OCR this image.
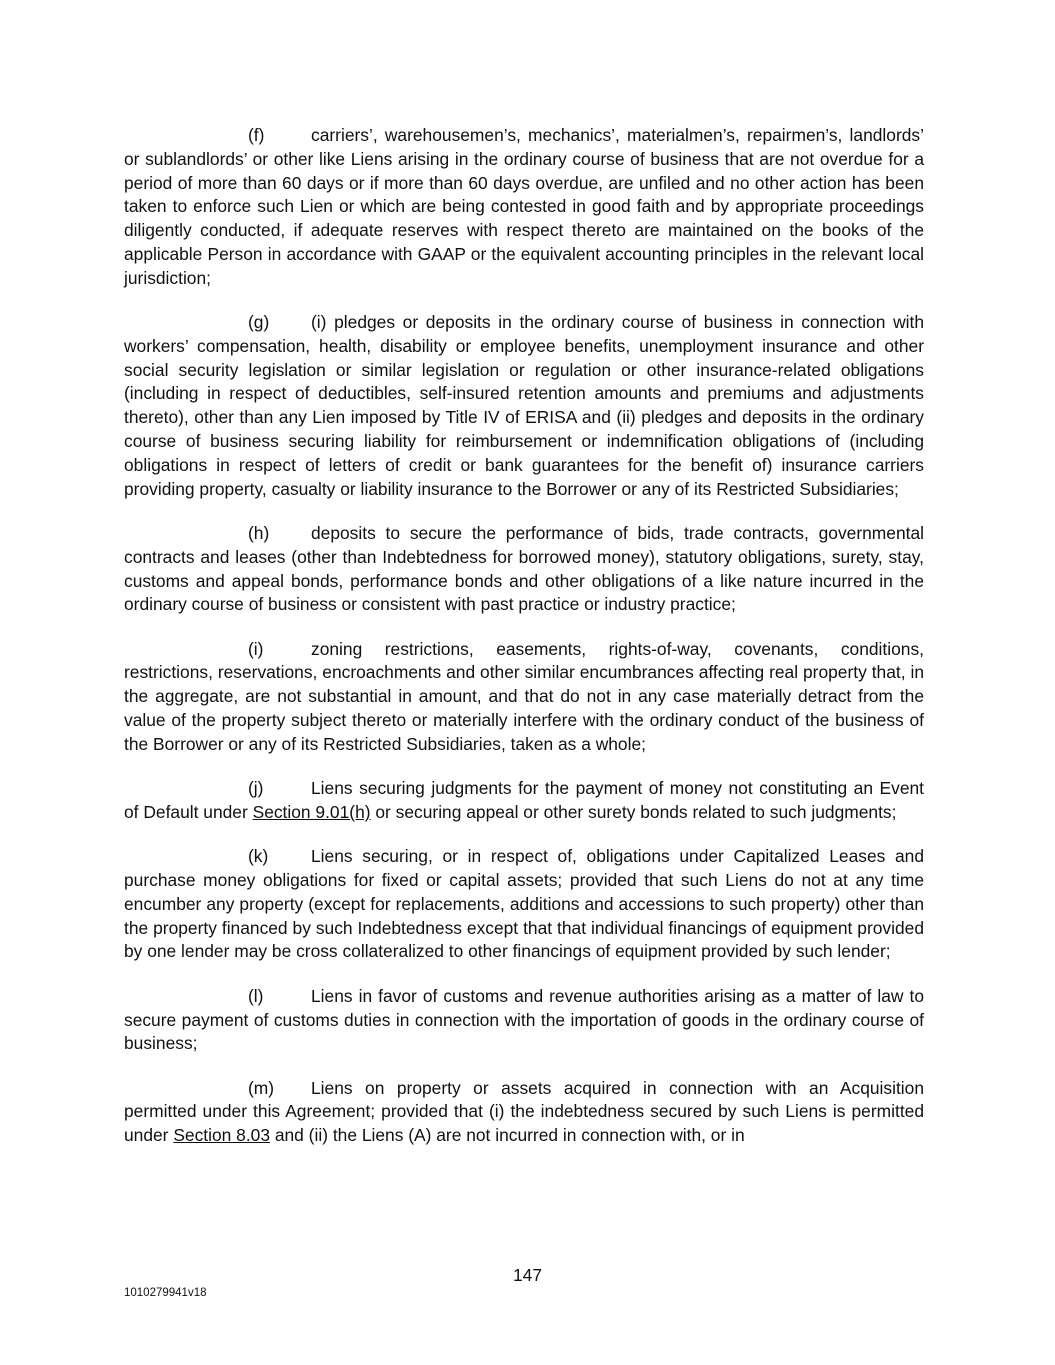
(f)	carriers’, warehousemen’s, mechanics’, materialmen’s, repairmen’s, landlords’ or sublandlords’ or other like Liens arising in the ordinary course of business that are not overdue for a period of more than 60 days or if more than 60 days overdue, are unfiled and no other action has been taken to enforce such Lien or which are being contested in good faith and by appropriate proceedings diligently conducted, if adequate reserves with respect thereto are maintained on the books of the applicable Person in accordance with GAAP or the equivalent accounting principles in the relevant local jurisdiction;

(g) (i) pledges or deposits in the ordinary course of business in connection with workers’ compensation, health, disability or employee benefits, unemployment insurance and other social security legislation or similar legislation or regulation or other insurance-related obligations (including in respect of deductibles, self-insured retention amounts and premiums and adjustments thereto), other than any Lien imposed by Title IV of ERISA and (ii) pledges and deposits in the ordinary course of business securing liability for reimbursement or indemnification obligations of (including obligations in respect of letters of credit or bank guarantees for the benefit of) insurance carriers providing property, casualty or liability insurance to the Borrower or any of its Restricted Subsidiaries;

(h) deposits to secure the performance of bids, trade contracts, governmental contracts and leases (other than Indebtedness for borrowed money), statutory obligations, surety, stay, customs and appeal bonds, performance bonds and other obligations of a like nature incurred in the ordinary course of business or consistent with past practice or industry practice;

(i)	zoning restrictions, easements, rights-of-way, covenants, conditions, restrictions, reservations, encroachments and other similar encumbrances affecting real property that, in the aggregate, are not substantial in amount, and that do not in any case materially detract from the value of the property subject thereto or materially interfere with the ordinary conduct of the business of the Borrower or any of its Restricted Subsidiaries, taken as a whole;

(j)	Liens securing judgments for the payment of money not constituting an Event of Default under Section 9.01(h) or securing appeal or other surety bonds related to such judgments;

(k) Liens securing, or in respect of, obligations under Capitalized Leases and purchase money obligations for fixed or capital assets; provided that such Liens do not at any time encumber any property (except for replacements, additions and accessions to such property) other than the property financed by such Indebtedness except that that individual financings of equipment provided by one lender may be cross collateralized to other financings of equipment provided by such lender;

(l)	Liens in favor of customs and revenue authorities arising as a matter of law to secure payment of customs duties in connection with the importation of goods in the ordinary course of business;

(m) Liens on property or assets acquired in connection with an Acquisition permitted under this Agreement; provided that (i) the indebtedness secured by such Liens is permitted under Section 8.03 and (ii) the Liens (A) are not incurred in connection with, or in

147
1010279941v18
